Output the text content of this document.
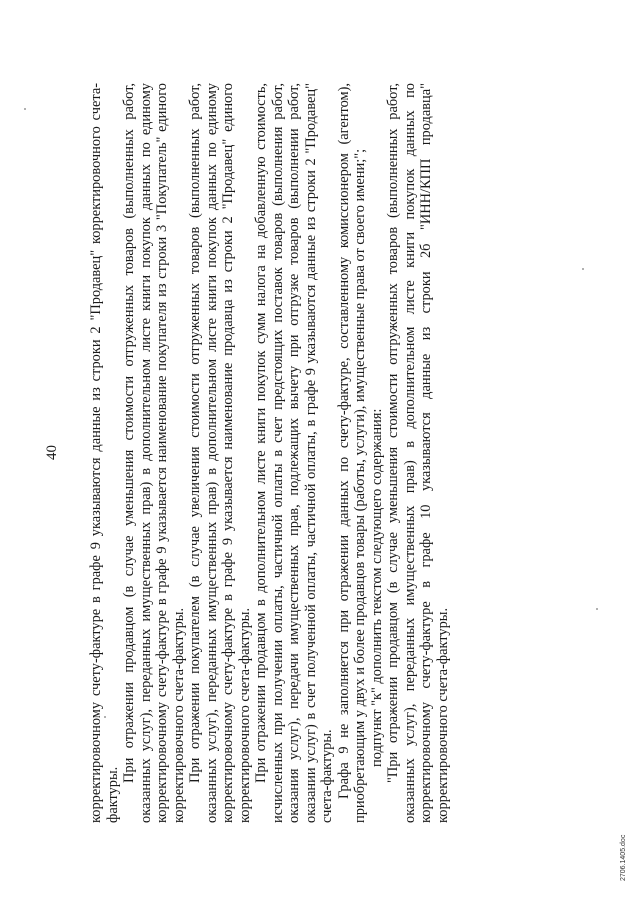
40 корректировочному счету-фактуре в графе 9 указываются данные из строки 2 "Продавец" корректировочного счета-фактуры.

При отражении продавцом (в случае уменьшения стоимости отгруженных товаров (выполненных работ, оказанных услуг), переданных имущественных прав) в дополнительном листе книги покупок данных по единому корректировочному счету-фактуре в графе 9 указывается наименование покупателя из строки 3 "Покупатель" единого корректировочного счета-фактуры. При отражении покупателем (в случае увеличения стоимости отгруженных товаров (выполненных работ, оказанных услуг), переданных имущественных прав) в дополнительном листе книги покупок данных по единому корректировочному счету-фактуре в графе 9 указывается наименование продавца из строки 2 "Продавец" единого корректировочного счета-фактуры. При отражении продавцом в дополнительном листе книги покупок сумм налога на добавленную стоимость, исчисленных при получении оплаты, частичной оплаты в счет предстоящих поставок товаров (выполнения работ, оказания услуг), передачи имущественных прав, подлежащих вычету при отгрузке товаров (выполнении работ, оказании услуг) в счет полученной оплаты, частичной оплаты, в графе 9 указываются данные из строки 2 "Продавец" счета-фактуры. Графа 9 не заполняется при отражении данных по счету-фактуре, составленному комиссионером (агентом), приобретающим у двух и более продавцов товары (работы, услуги), имущественные права от своего имени;"; подпункт "к" дополнить текстом следующего содержания: "При отражении продавцом (в случае уменьшения стоимости отгруженных товаров (выполненных работ, оказанных услуг), переданных имущественных прав) в дополнительном листе книги покупок данных по корректировочному счету-фактуре в графе 10 указываются данные из строки 2б "ИНН/КПП продавца" корректировочного счета-фактуры.

2706.1405.doc
